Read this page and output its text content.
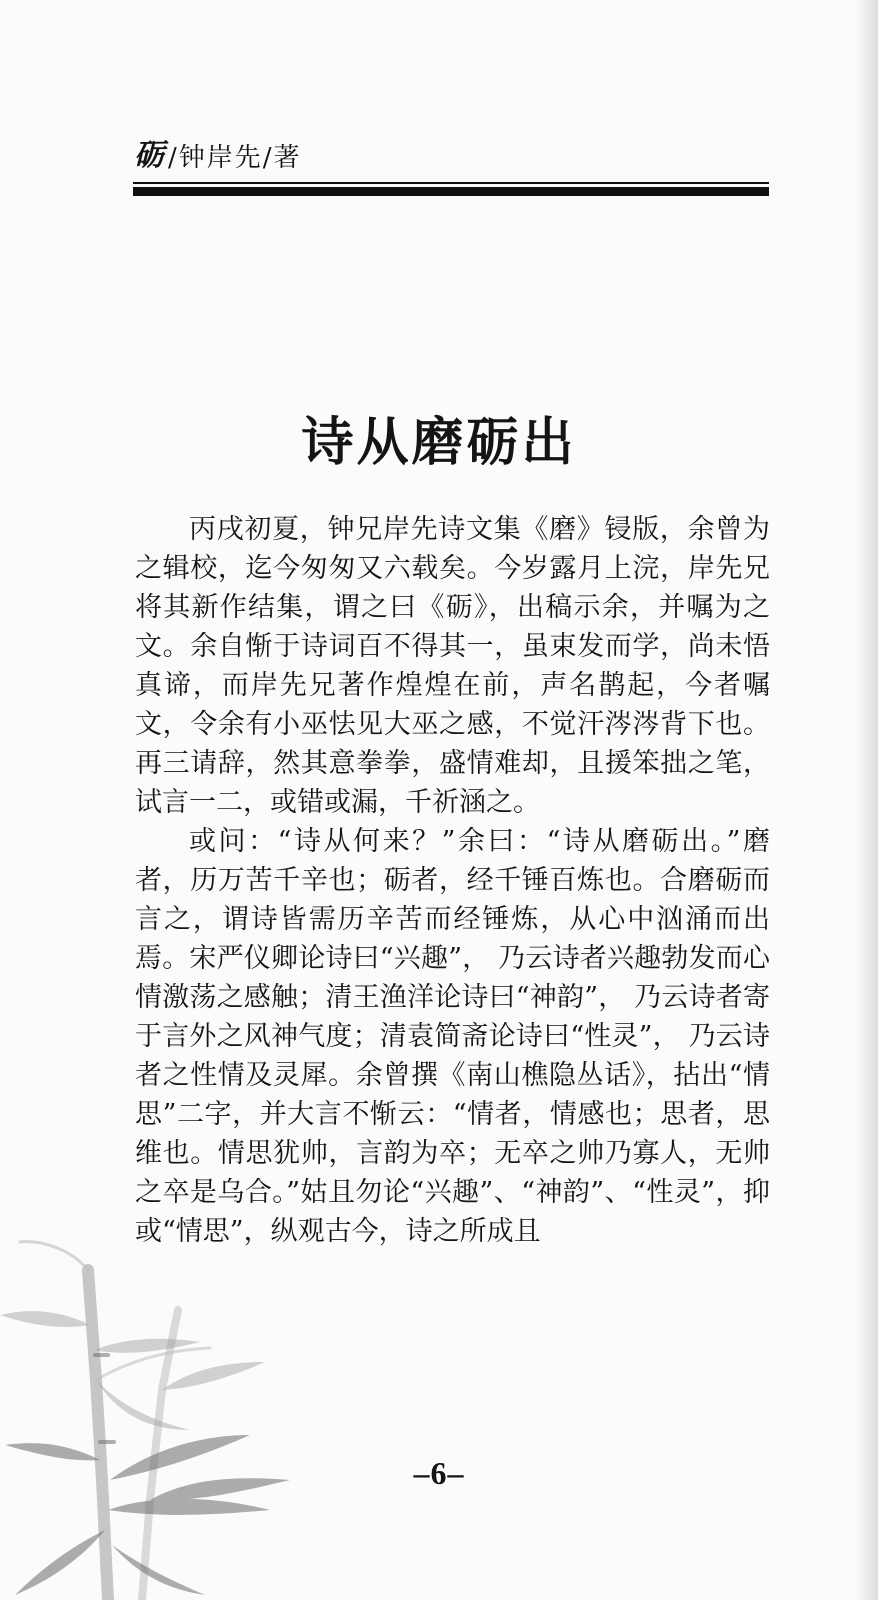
砺 /钟岸先/著
诗从磨砺出

丙戌初夏，钟兄岸先诗文集《磨》锓版，余曾为之辑校，迄今匆匆又六载矣。今岁露月上浣，岸先兄将其新作结集，谓之曰《砺》，出稿示余，并嘱为之文。余自惭于诗词百不得其一，虽束发而学，尚未悟真谛，而岸先兄著作煌煌在前，声名鹊起，今者嘱文，令余有小巫怯见大巫之感，不觉汗涔涔背下也。再三请辞，然其意拳拳，盛情难却，且援笨拙之笔，试言一二，或错或漏，千祈涵之。

或问：“诗从何来？”余曰：“诗从磨砺出。”磨者，历万苦千辛也；砺者，经千锤百炼也。合磨砺而言之，谓诗皆需历辛苦而经锤炼，从心中汹涌而出焉。宋严仪卿论诗曰“兴趣”， 乃云诗者兴趣勃发而心情激荡之感触；清王渔洋论诗曰“神韵”， 乃云诗者寄于言外之风神气度；清袁简斋论诗曰“性灵”， 乃云诗者之性情及灵犀。余曾撰《南山樵隐丛话》，拈出“情思”二字，并大言不惭云：“情者，情感也；思者，思维也。情思犹帅，言韵为卒；无卒之帅乃寡人，无帅之卒是乌合。”姑且勿论“兴趣”、“神韵”、“性灵”，抑或“情思”，纵观古今，诗之所成且

–6–
